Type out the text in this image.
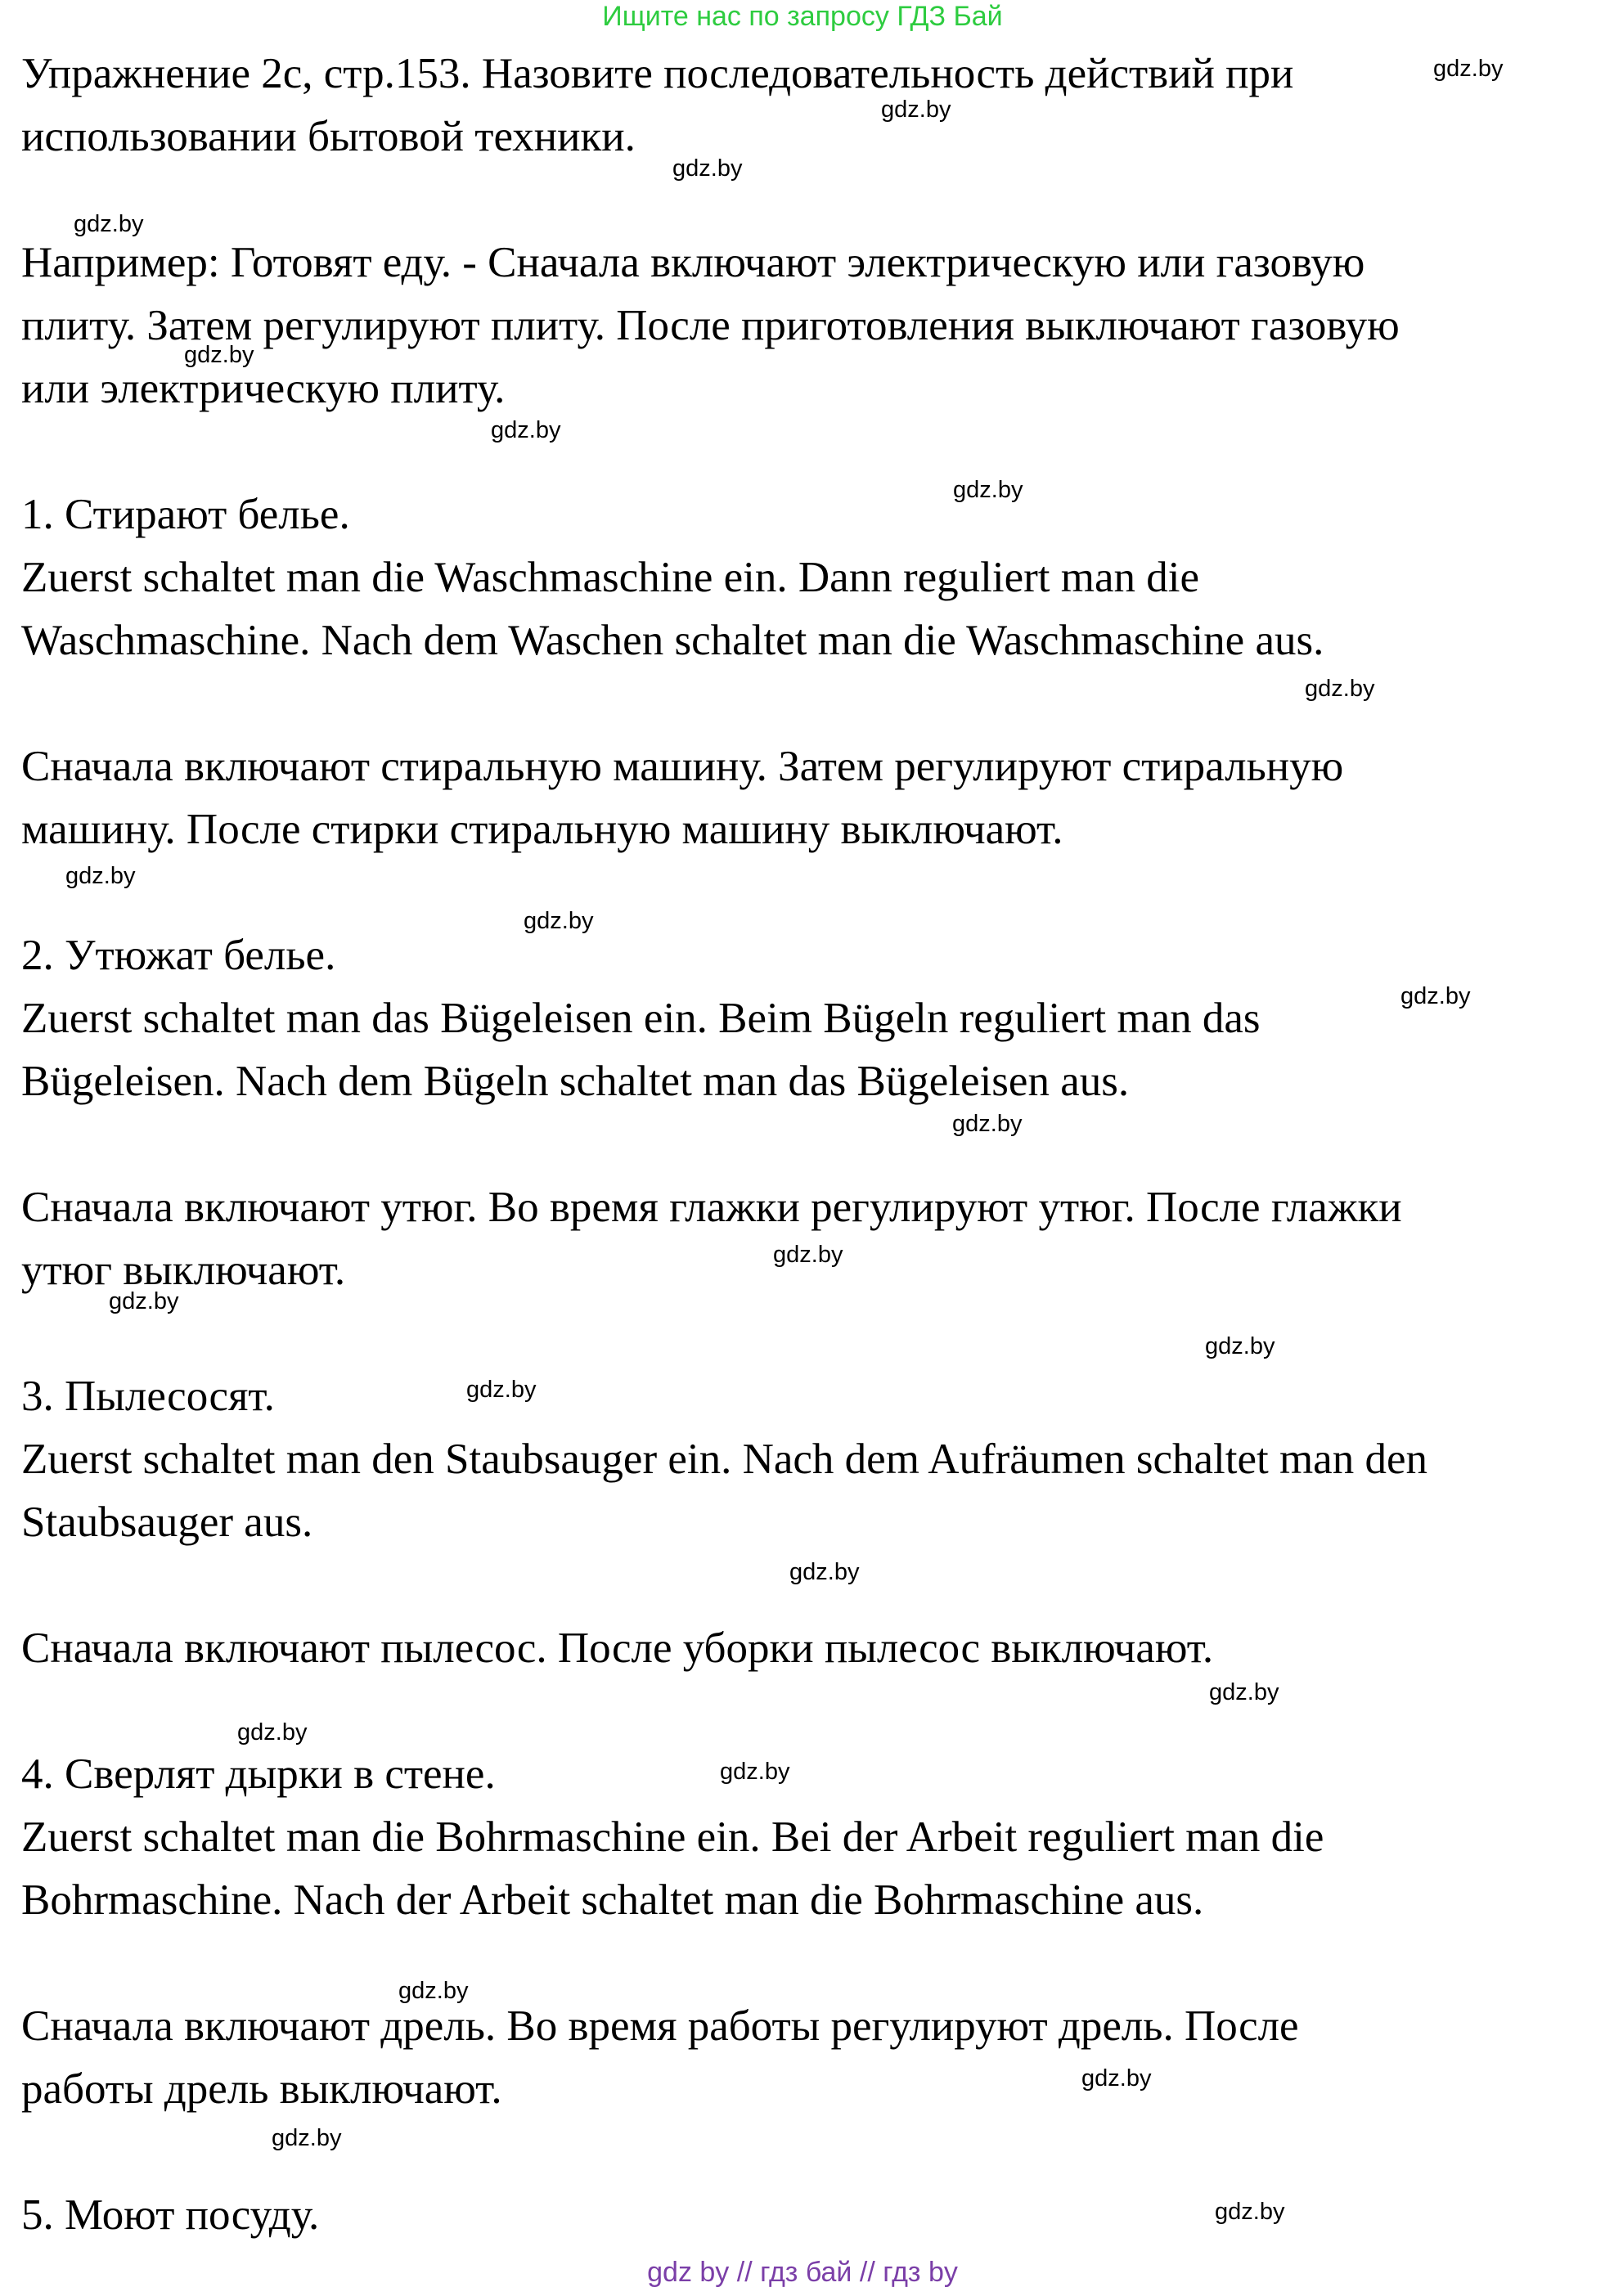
Ищите нас по запросу ГДЗ Бай
Упражнение 2с, стр.153. Назовите последовательность действий при
использовании бытовой техники.
Например: Готовят еду. - Сначала включают электрическую или газовую
плиту. Затем регулируют плиту. После приготовления выключают газовую
или электрическую плиту.
1. Стирают белье.
Zuerst schaltet man die Waschmaschine ein. Dann reguliert man die
Waschmaschine. Nach dem Waschen schaltet man die Waschmaschine aus.
Сначала включают стиральную машину. Затем регулируют стиральную
машину. После стирки стиральную машину выключают.
2. Утюжат белье.
Zuerst schaltet man das Bügeleisen ein. Beim Bügeln reguliert man das
Bügeleisen. Nach dem Bügeln schaltet man das Bügeleisen aus.
Сначала включают утюг. Во время глажки регулируют утюг. После глажки
утюг выключают.
3. Пылесосят.
Zuerst schaltet man den Staubsauger ein. Nach dem Aufräumen schaltet man den
Staubsauger aus.
Сначала включают пылесос. После уборки пылесос выключают.
4. Сверлят дырки в стене.
Zuerst schaltet man die Bohrmaschine ein. Bei der Arbeit reguliert man die
Bohrmaschine. Nach der Arbeit schaltet man die Bohrmaschine aus.
Сначала включают дрель. Во время работы регулируют дрель. После
работы дрель выключают.
5. Моют посуду.
gdz.by
gdz.by
gdz.by
gdz.by
gdz.by
gdz.by
gdz.by
gdz.by
gdz.by
gdz.by
gdz.by
gdz.by
gdz.by
gdz.by
gdz.by
gdz.by
gdz.by
gdz.by
gdz.by
gdz.by
gdz.by
gdz.by
gdz.by
gdz.by
gdz by // гдз бай // гдз by
